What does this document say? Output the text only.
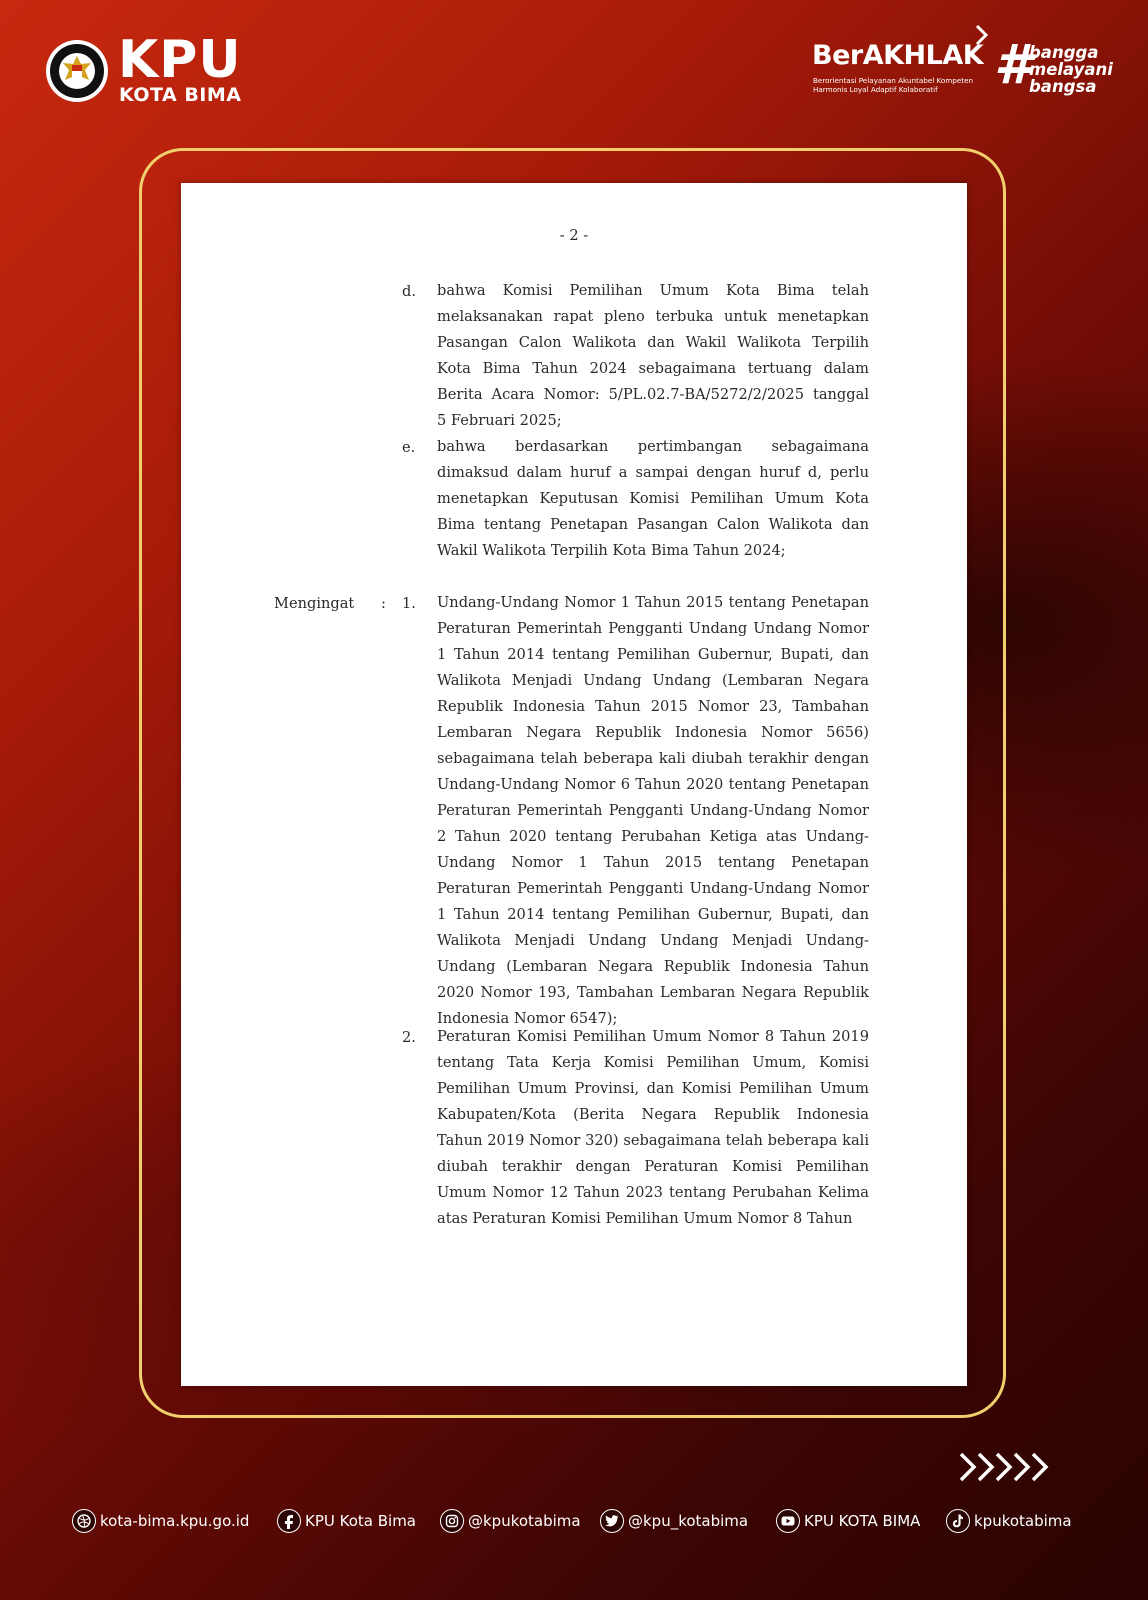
KPU
KOTA BIMA
BerAKHLAK
Berorientasi Pelayanan Akuntabel Kompeten
Harmonis Loyal Adaptif Kolaboratif	#
bangga
melayani
bangsa
- 2 -
d. bahwa Komisi Pemilihan Umum Kota Bima telah
melaksanakan rapat pleno terbuka untuk menetapkan
Pasangan Calon Walikota dan Wakil Walikota Terpilih
Kota Bima Tahun 2024 sebagaimana tertuang dalam
Berita Acara Nomor: 5/PL.02.7-BA/5272/2/2025 tanggal
5 Februari 2025;
e. bahwa berdasarkan pertimbangan sebagaimana
dimaksud dalam huruf a sampai dengan huruf d, perlu
menetapkan Keputusan Komisi Pemilihan Umum Kota
Bima tentang Penetapan Pasangan Calon Walikota dan
Wakil Walikota Terpilih Kota Bima Tahun 2024;
Mengingat : 1. Undang-Undang Nomor 1 Tahun 2015 tentang Penetapan
Peraturan Pemerintah Pengganti Undang Undang Nomor
1 Tahun 2014 tentang Pemilihan Gubernur, Bupati, dan
Walikota Menjadi Undang Undang (Lembaran Negara
Republik Indonesia Tahun 2015 Nomor 23, Tambahan
Lembaran Negara Republik Indonesia Nomor 5656)
sebagaimana telah beberapa kali diubah terakhir dengan
Undang-Undang Nomor 6 Tahun 2020 tentang Penetapan
Peraturan Pemerintah Pengganti Undang-Undang Nomor
2 Tahun 2020 tentang Perubahan Ketiga atas Undang-
Undang Nomor 1 Tahun 2015 tentang Penetapan
Peraturan Pemerintah Pengganti Undang-Undang Nomor
1 Tahun 2014 tentang Pemilihan Gubernur, Bupati, dan
Walikota Menjadi Undang Undang Menjadi Undang-
Undang (Lembaran Negara Republik Indonesia Tahun
2020 Nomor 193, Tambahan Lembaran Negara Republik
Indonesia Nomor 6547);
2. Peraturan Komisi Pemilihan Umum Nomor 8 Tahun 2019
tentang Tata Kerja Komisi Pemilihan Umum, Komisi
Pemilihan Umum Provinsi, dan Komisi Pemilihan Umum
Kabupaten/Kota (Berita Negara Republik Indonesia
Tahun 2019 Nomor 320) sebagaimana telah beberapa kali
diubah terakhir dengan Peraturan Komisi Pemilihan
Umum Nomor 12 Tahun 2023 tentang Perubahan Kelima
atas Peraturan Komisi Pemilihan Umum Nomor 8 Tahun
kota-bima.kpu.go.id	KPU Kota Bima	@kpukotabima	@kpu_kotabima	KPU KOTA BIMA	kpukotabima
